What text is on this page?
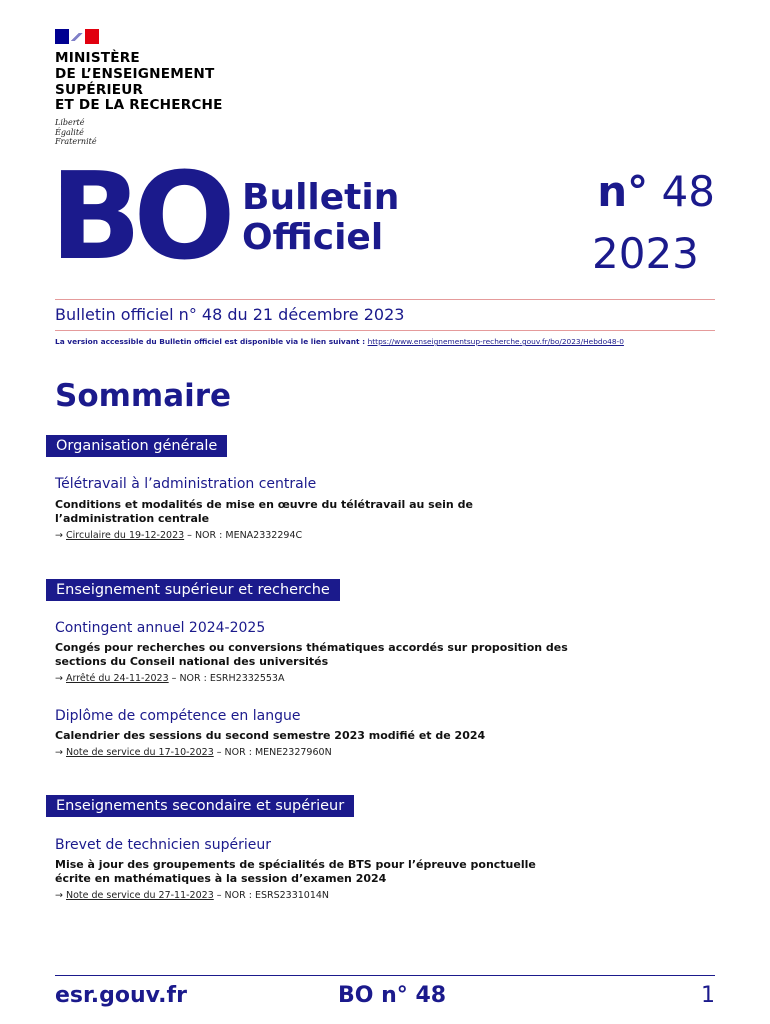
MINISTÈRE
DE L’ENSEIGNEMENT
SUPÉRIEUR
ET DE LA RECHERCHE
Liberté
Égalité
Fraternité
BO Bulletin
Officiel
n° 48
2023
Bulletin officiel n° 48 du 21 décembre 2023
La version accessible du Bulletin officiel est disponible via le lien suivant : https://www.enseignementsup-recherche.gouv.fr/bo/2023/Hebdo48-0
Sommaire
Organisation générale
Télétravail à l’administration centrale
Conditions et modalités de mise en œuvre du télétravail au sein de l’administration centrale
→ Circulaire du 19-12-2023 – NOR : MENA2332294C
Enseignement supérieur et recherche
Contingent annuel 2024-2025
Congés pour recherches ou conversions thématiques accordés sur proposition des sections du Conseil national des universités
→ Arrêté du 24-11-2023 – NOR : ESRH2332553A
Diplôme de compétence en langue
Calendrier des sessions du second semestre 2023 modifié et de 2024
→ Note de service du 17-10-2023 – NOR : MENE2327960N
Enseignements secondaire et supérieur
Brevet de technicien supérieur
Mise à jour des groupements de spécialités de BTS pour l’épreuve ponctuelle écrite en mathématiques à la session d’examen 2024
→ Note de service du 27-11-2023 – NOR : ESRS2331014N
esr.gouv.fr	BO n° 48	1
